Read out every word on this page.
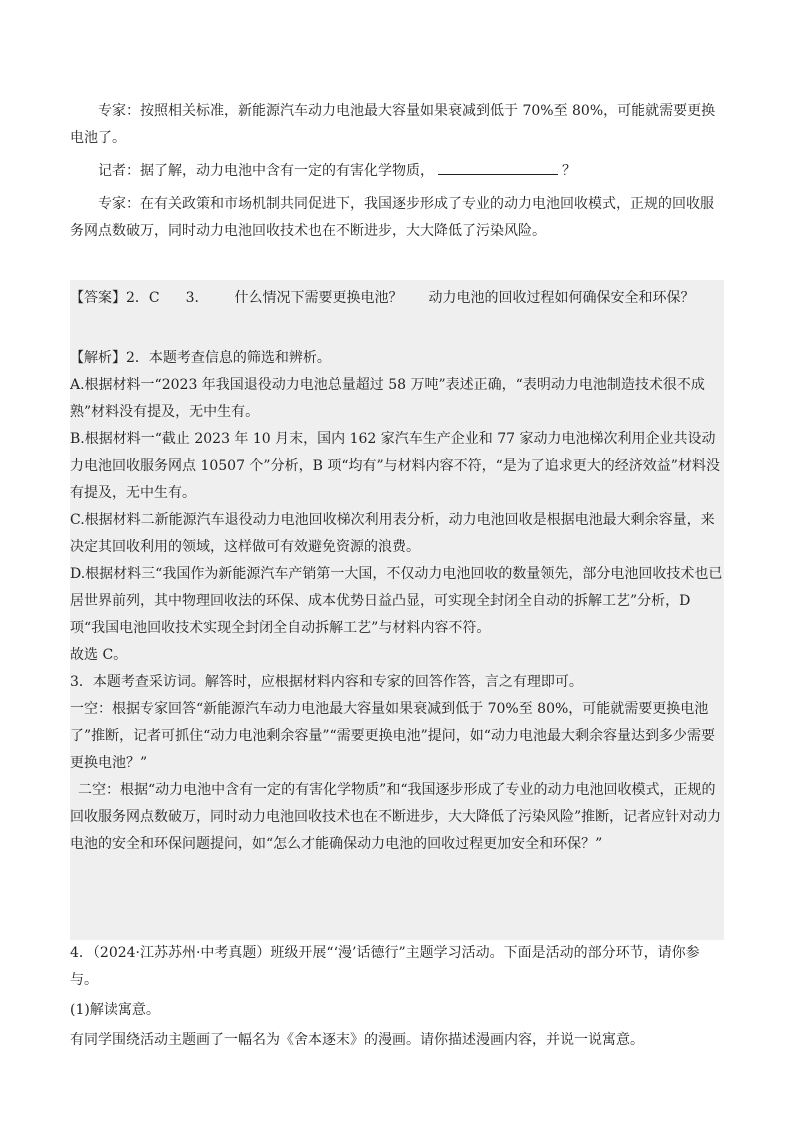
专家：按照相关标准，新能源汽车动力电池最大容量如果衰减到低于 70%至 80%，可能就需要更换电池了。

记者：据了解，动力电池中含有一定的有害化学物质，	？

专家：在有关政策和市场机制共同促进下，我国逐步形成了专业的动力电池回收模式，正规的回收服务网点数破万，同时动力电池回收技术也在不断进步，大大降低了污染风险。

【答案】2．C 3． 什么情况下需要更换电池？ 动力电池的回收过程如何确保安全和环保？

【解析】2．本题考查信息的筛选和辨析。

A.根据材料一“2023 年我国退役动力电池总量超过 58 万吨”表述正确，“表明动力电池制造技术很不成熟”材料没有提及，无中生有。

B.根据材料一“截止 2023 年 10 月末，国内 162 家汽车生产企业和 77 家动力电池梯次利用企业共设动力电池回收服务网点 10507 个”分析，B 项“均有”与材料内容不符，“是为了追求更大的经济效益”材料没有提及，无中生有。

C.根据材料二新能源汽车退役动力电池回收梯次利用表分析，动力电池回收是根据电池最大剩余容量，来决定其回收利用的领域，这样做可有效避免资源的浪费。

D.根据材料三“我国作为新能源汽车产销第一大国，不仅动力电池回收的数量领先，部分电池回收技术也已居世界前列，其中物理回收法的环保、成本优势日益凸显，可实现全封闭全自动的拆解工艺”分析，D 项“我国电池回收技术实现全封闭全自动拆解工艺”与材料内容不符。

故选 C。

3．本题考查采访词。解答时，应根据材料内容和专家的回答作答，言之有理即可。

一空：根据专家回答“新能源汽车动力电池最大容量如果衰减到低于 70%至 80%，可能就需要更换电池了”推断，记者可抓住“动力电池剩余容量”“需要更换电池”提问，如“动力电池最大剩余容量达到多少需要更换电池？”

二空：根据“动力电池中含有一定的有害化学物质”和“我国逐步形成了专业的动力电池回收模式，正规的回收服务网点数破万，同时动力电池回收技术也在不断进步，大大降低了污染风险”推断，记者应针对动力电池的安全和环保问题提问，如“怎么才能确保动力电池的回收过程更加安全和环保？”

4．（2024·江苏苏州·中考真题）班级开展“‘漫’话德行”主题学习活动。下面是活动的部分环节，请你参与。

(1)解读寓意。

有同学围绕活动主题画了一幅名为《舍本逐末》的漫画。请你描述漫画内容，并说一说寓意。
